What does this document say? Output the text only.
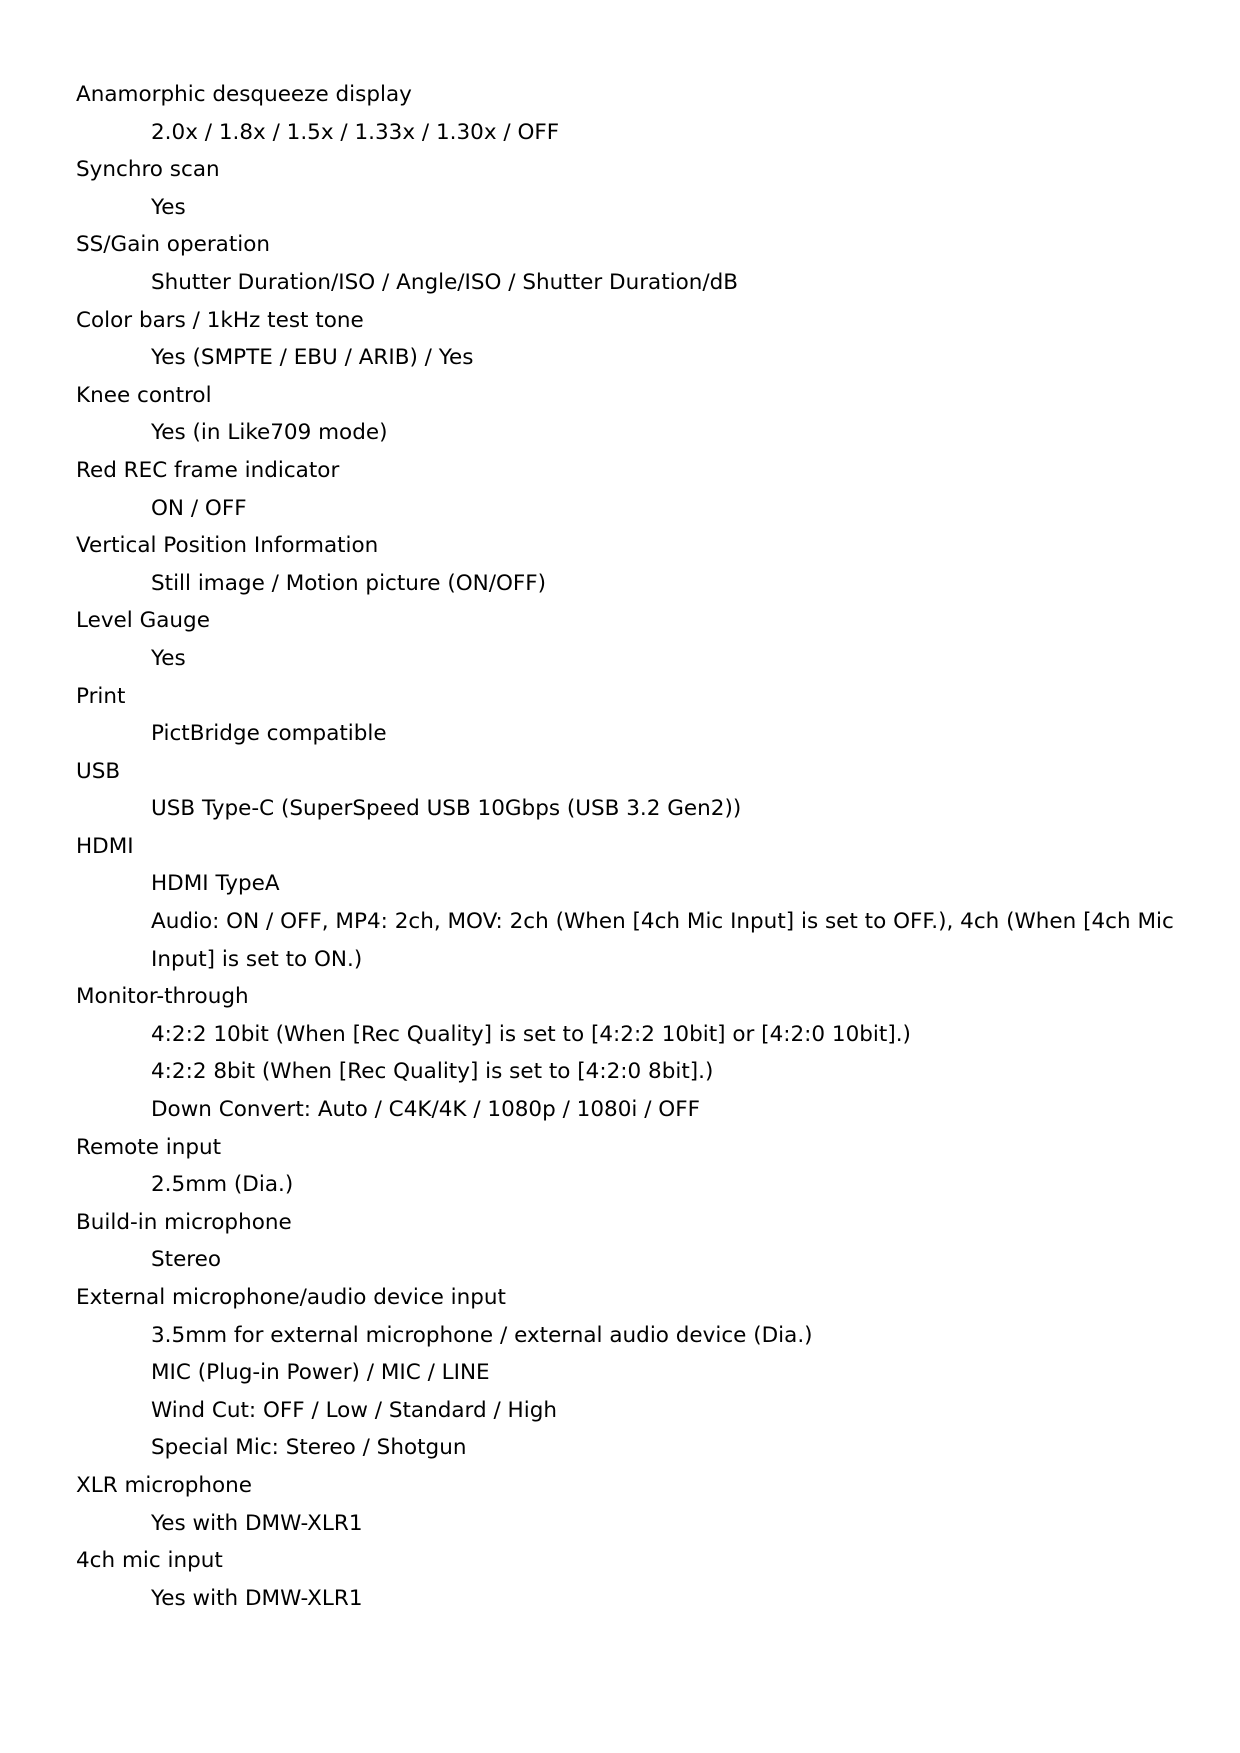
Anamorphic desqueeze display
2.0x / 1.8x / 1.5x / 1.33x / 1.30x / OFF
Synchro scan
Yes
SS/Gain operation
Shutter Duration/ISO / Angle/ISO / Shutter Duration/dB
Color bars / 1kHz test tone
Yes (SMPTE / EBU / ARIB) / Yes
Knee control
Yes (in Like709 mode)
Red REC frame indicator
ON / OFF
Vertical Position Information
Still image / Motion picture (ON/OFF)
Level Gauge
Yes
Print
PictBridge compatible
USB
USB Type-C (SuperSpeed USB 10Gbps (USB 3.2 Gen2))
HDMI
HDMI TypeA
Audio: ON / OFF, MP4: 2ch, MOV: 2ch (When [4ch Mic Input] is set to OFF.), 4ch (When [4ch Mic Input] is set to ON.)
Monitor-through
4:2:2 10bit (When [Rec Quality] is set to [4:2:2 10bit] or [4:2:0 10bit].)
4:2:2 8bit (When [Rec Quality] is set to [4:2:0 8bit].)
Down Convert: Auto / C4K/4K / 1080p / 1080i / OFF
Remote input
2.5mm (Dia.)
Build-in microphone
Stereo
External microphone/audio device input
3.5mm for external microphone / external audio device (Dia.)
MIC (Plug-in Power) / MIC / LINE
Wind Cut: OFF / Low / Standard / High
Special Mic: Stereo / Shotgun
XLR microphone
Yes with DMW-XLR1
4ch mic input
Yes with DMW-XLR1
